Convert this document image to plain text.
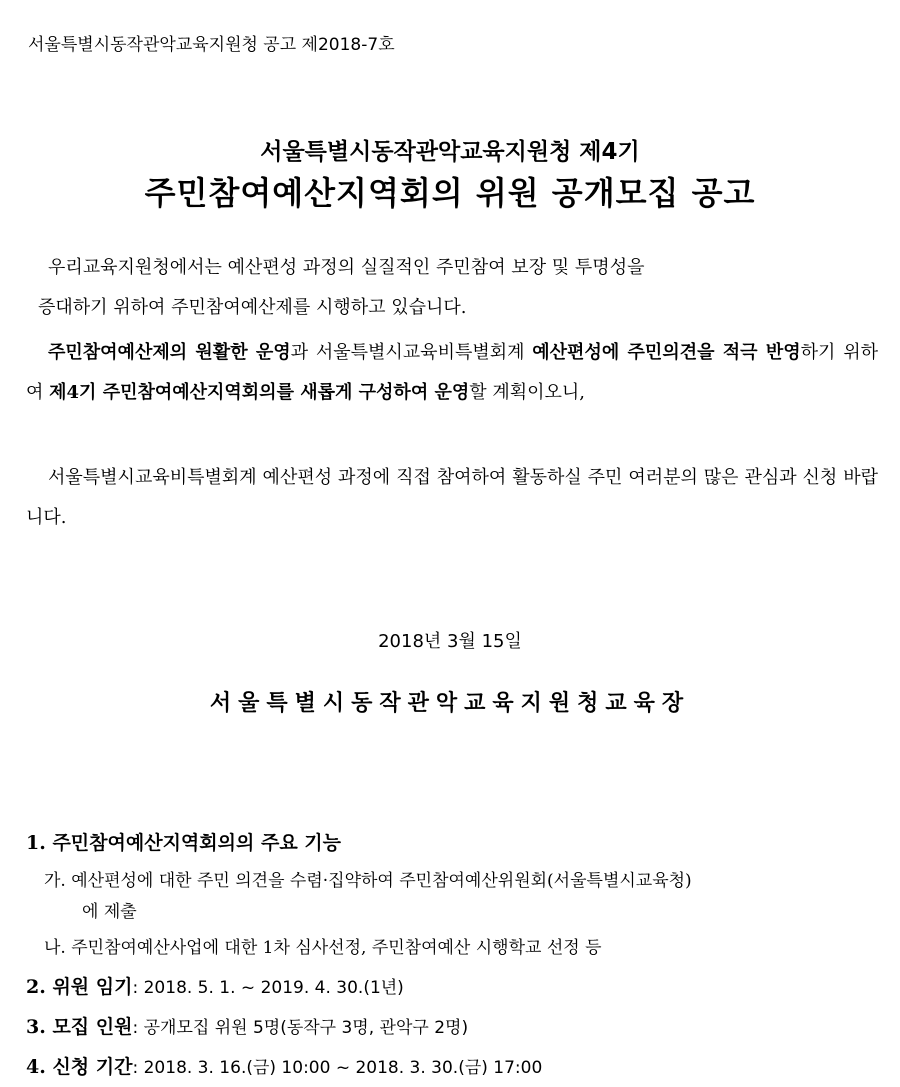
서울특별시동작관악교육지원청 공고 제2018-7호
서울특별시동작관악교육지원청 제4기
주민참여예산지역회의 위원 공개모집 공고
우리교육지원청에서는 예산편성 과정의 실질적인 주민참여 보장 및 투명성을
증대하기 위하여 주민참여예산제를 시행하고 있습니다.
주민참여예산제의 원활한 운영과 서울특별시교육비특별회계 예산편성에 주민의견을 적극 반영하기 위하여 제4기 주민참여예산지역회의를 새롭게 구성하여 운영할 계획이오니,
서울특별시교육비특별회계 예산편성 과정에 직접 참여하여 활동하실 주민 여러분의 많은 관심과 신청 바랍니다.
2018년 3월 15일
서울특별시동작관악교육지원청교육장
1. 주민참여예산지역회의의 주요 기능
가. 예산편성에 대한 주민 의견을 수렴·집약하여 주민참여예산위원회(서울특별시교육청)
에 제출
나. 주민참여예산사업에 대한 1차 심사선정, 주민참여예산 시행학교 선정 등
2. 위원 임기: 2018. 5. 1. ~ 2019. 4. 30.(1년)
3. 모집 인원: 공개모집 위원 5명(동작구 3명, 관악구 2명)
4. 신청 기간: 2018. 3. 16.(금) 10:00 ~ 2018. 3. 30.(금) 17:00
